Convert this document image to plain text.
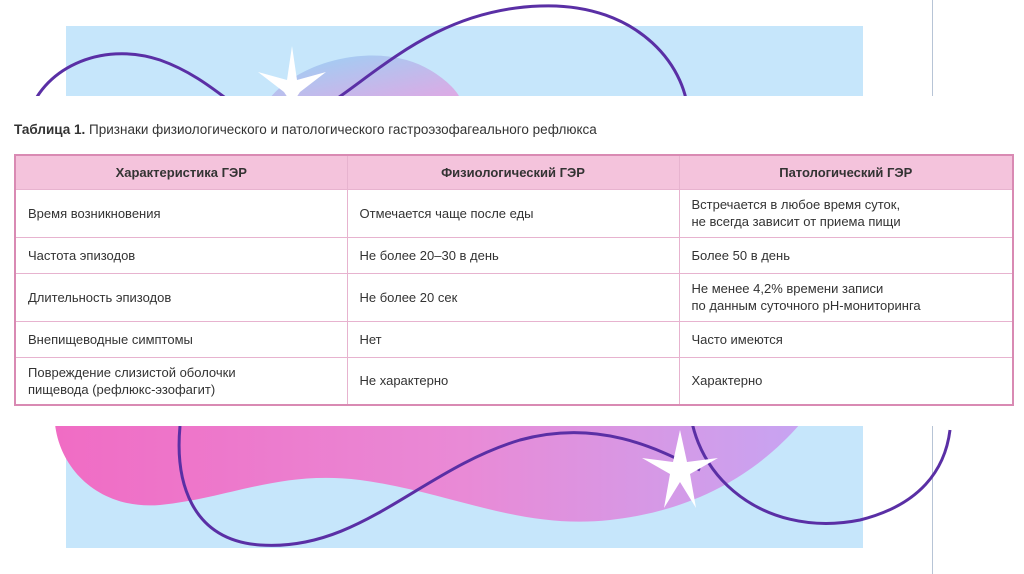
Таблица 1. Признаки физиологического и патологического гастроэзофагеального рефлюкса
Характеристика ГЭР	Физиологический ГЭР	Патологический ГЭР
Время возникновения	Отмечается чаще после еды	Встречается в любое время суток,
не всегда зависит от приема пищи
Частота эпизодов	Не более 20–30 в день	Более 50 в день
Длительность эпизодов	Не более 20 сек	Не менее 4,2% времени записи
по данным суточного рН-мониторинга
Внепищеводные симптомы	Нет	Часто имеются
Повреждение слизистой оболочки
пищевода (рефлюкс-эзофагит)	Не характерно	Характерно
